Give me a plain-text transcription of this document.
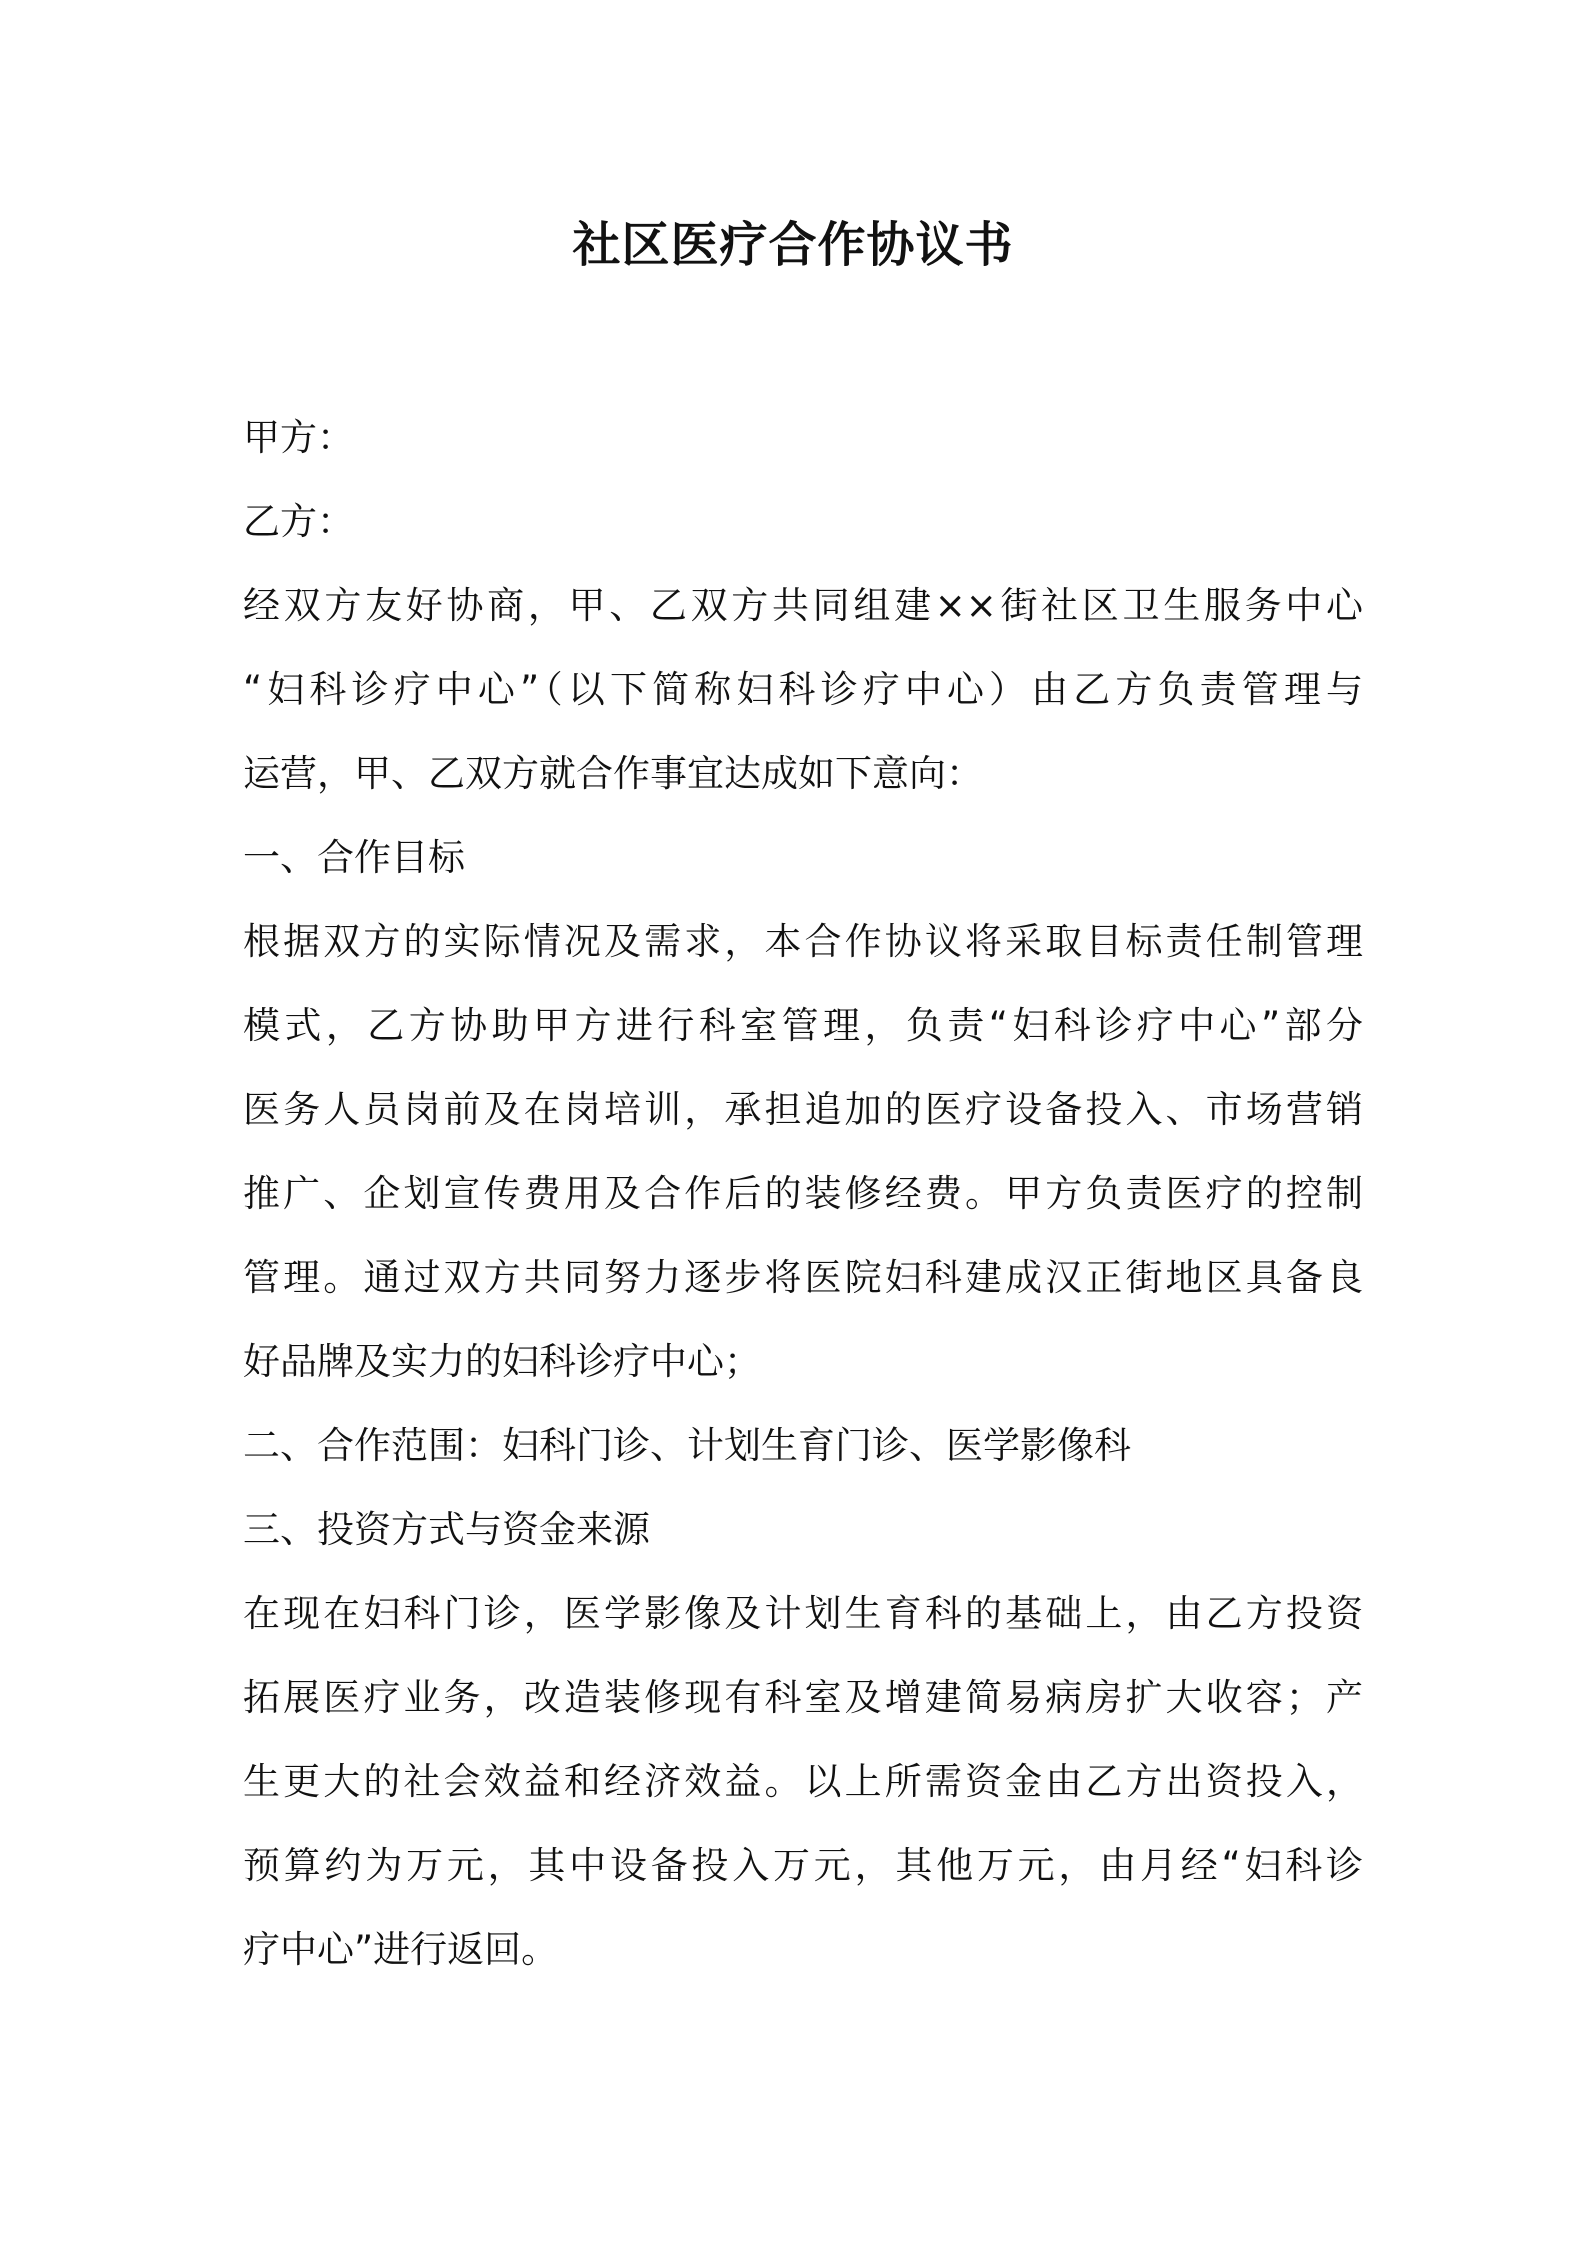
社区医疗合作协议书
甲方：
乙方：
经双方友好协商，甲、乙双方共同组建××街社区卫生服务中心
“妇科诊疗中心”（以下简称妇科诊疗中心）由乙方负责管理与
运营，甲、乙双方就合作事宜达成如下意向：
一、合作目标
根据双方的实际情况及需求，本合作协议将采取目标责任制管理
模式，乙方协助甲方进行科室管理，负责“妇科诊疗中心”部分
医务人员岗前及在岗培训，承担追加的医疗设备投入、市场营销
推广、企划宣传费用及合作后的装修经费。甲方负责医疗的控制
管理。通过双方共同努力逐步将医院妇科建成汉正街地区具备良
好品牌及实力的妇科诊疗中心；
二、合作范围：妇科门诊、计划生育门诊、医学影像科
三、投资方式与资金来源
在现在妇科门诊，医学影像及计划生育科的基础上，由乙方投资
拓展医疗业务，改造装修现有科室及增建简易病房扩大收容；产
生更大的社会效益和经济效益。以上所需资金由乙方出资投入，
预算约为万元，其中设备投入万元，其他万元，由月经“妇科诊
疗中心”进行返回。
